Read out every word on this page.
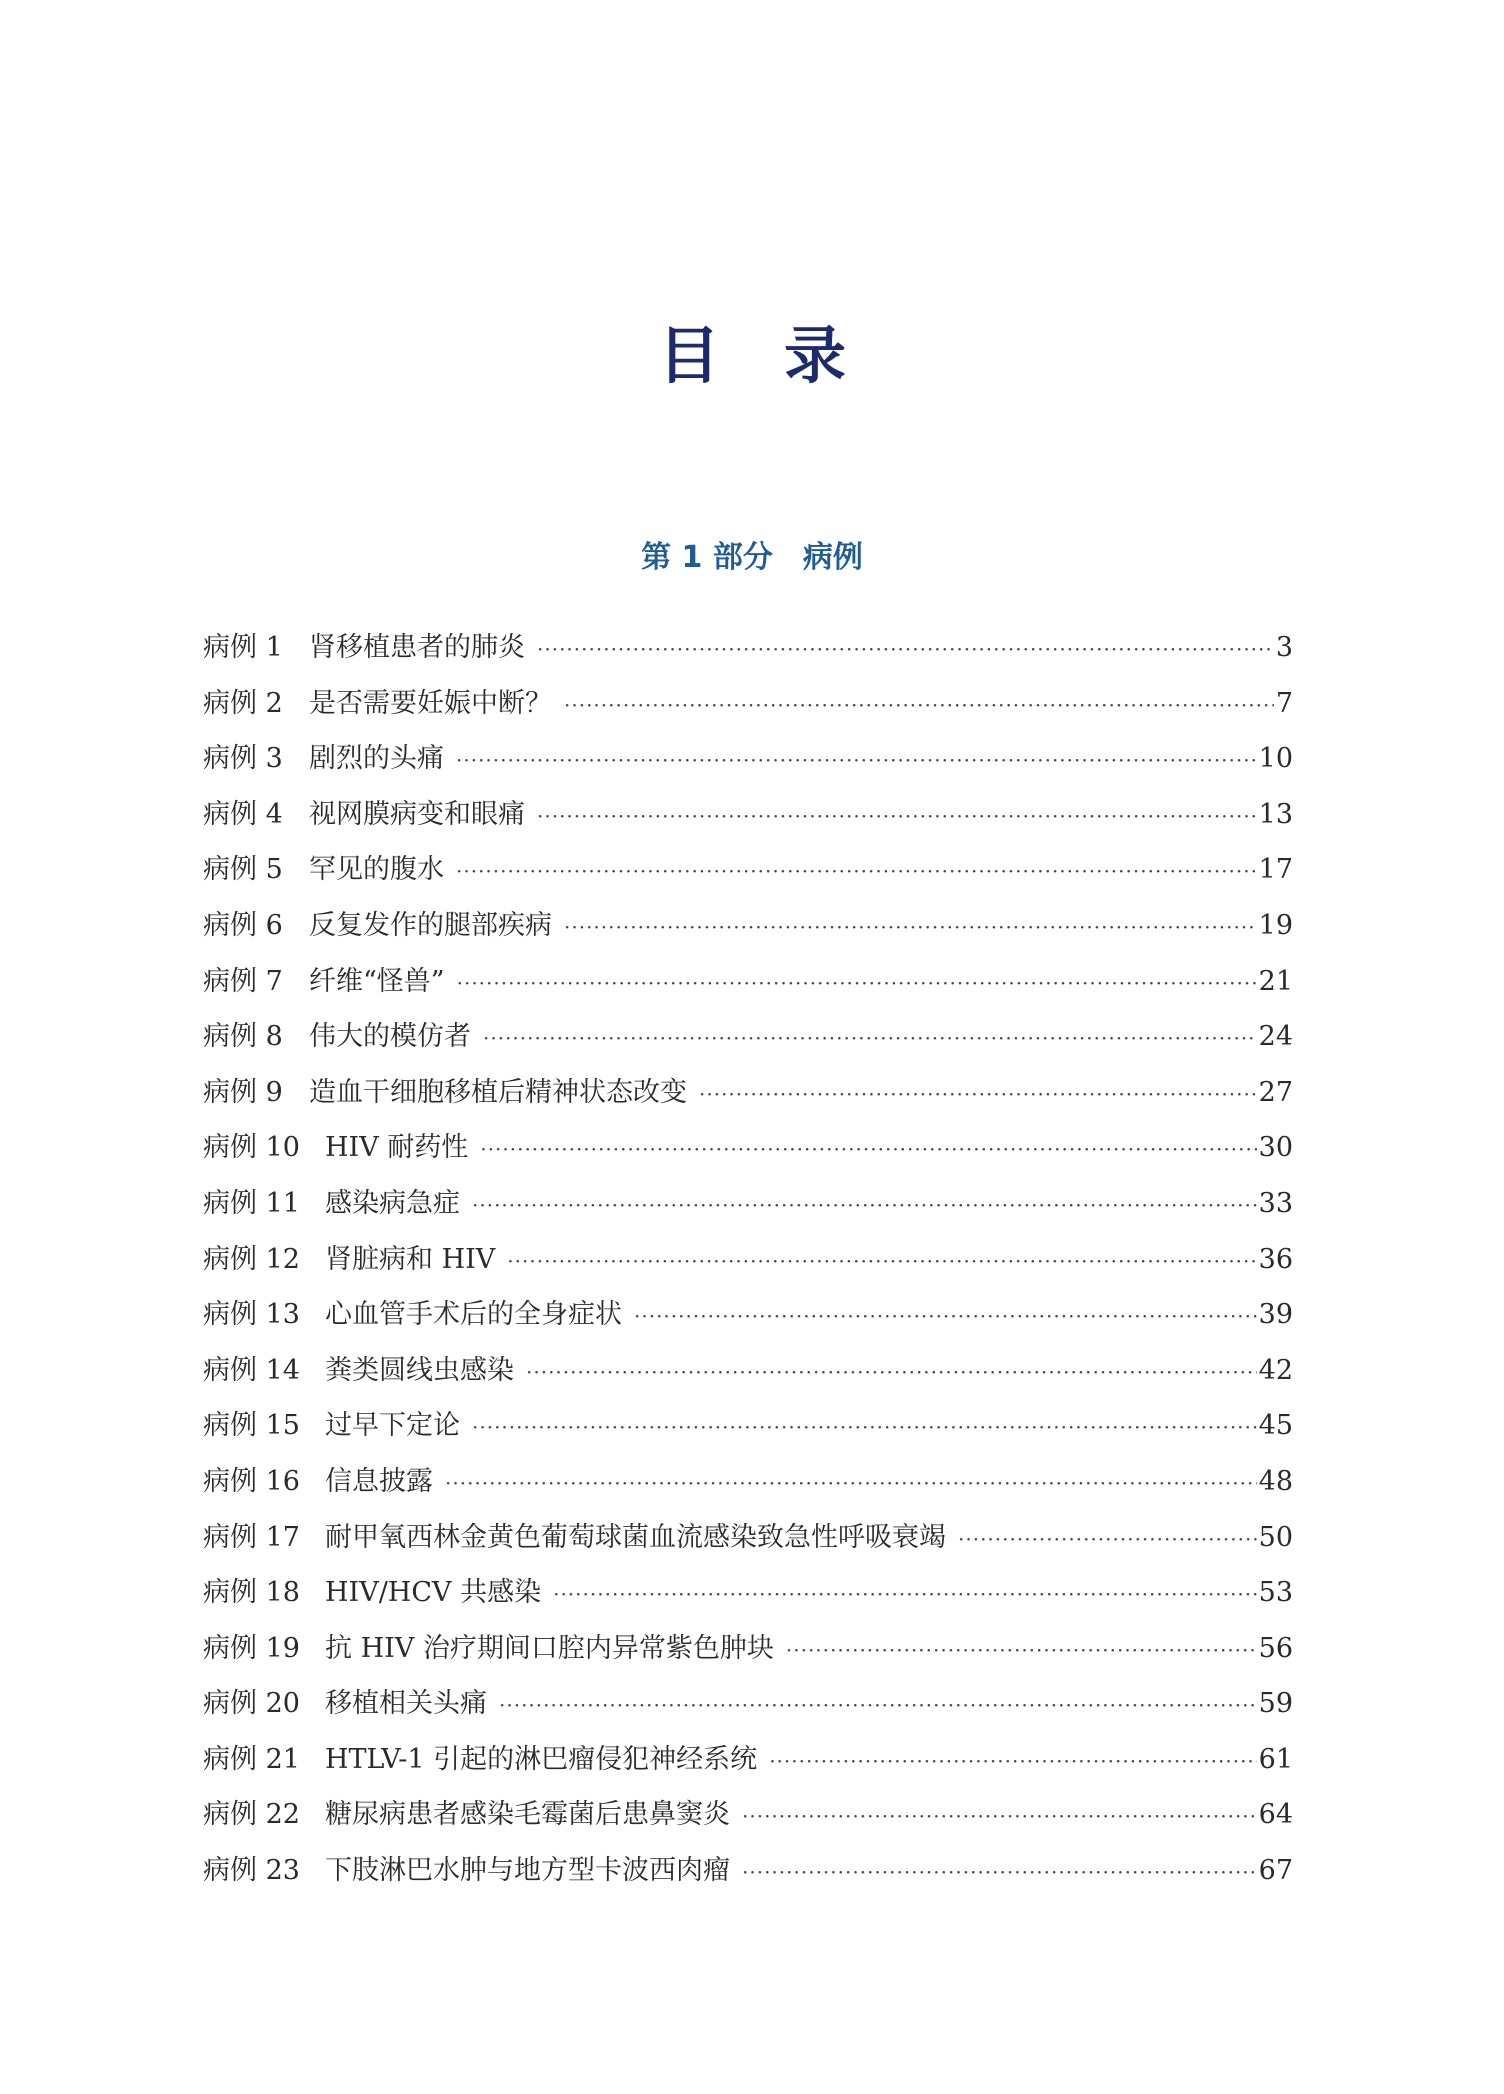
目录
第 1 部分　病例
病例 1 肾移植患者的肺炎 ·····	3
病例 2 是否需要妊娠中断？ ·····	7
病例 3 剧烈的头痛 ·····	10
病例 4 视网膜病变和眼痛 ·····	13
病例 5 罕见的腹水 ·····	17
病例 6 反复发作的腿部疾病 ·····	19
病例 7 纤维“怪兽” ·····	21
病例 8 伟大的模仿者 ·····	24
病例 9 造血干细胞移植后精神状态改变 ·····	27
病例 10 HIV 耐药性 ·····	30
病例 11 感染病急症 ·····	33
病例 12 肾脏病和 HIV ·····	36
病例 13 心血管手术后的全身症状 ·····	39
病例 14 粪类圆线虫感染 ·····	42
病例 15 过早下定论 ·····	45
病例 16 信息披露 ·····	48
病例 17 耐甲氧西林金黄色葡萄球菌血流感染致急性呼吸衰竭 ·····	50
病例 18 HIV/HCV 共感染 ·····	53
病例 19 抗 HIV 治疗期间口腔内异常紫色肿块 ·····	56
病例 20 移植相关头痛 ·····	59
病例 21 HTLV-1 引起的淋巴瘤侵犯神经系统 ·····	61
病例 22 糖尿病患者感染毛霉菌后患鼻窦炎 ·····	64
病例 23 下肢淋巴水肿与地方型卡波西肉瘤 ·····	67
